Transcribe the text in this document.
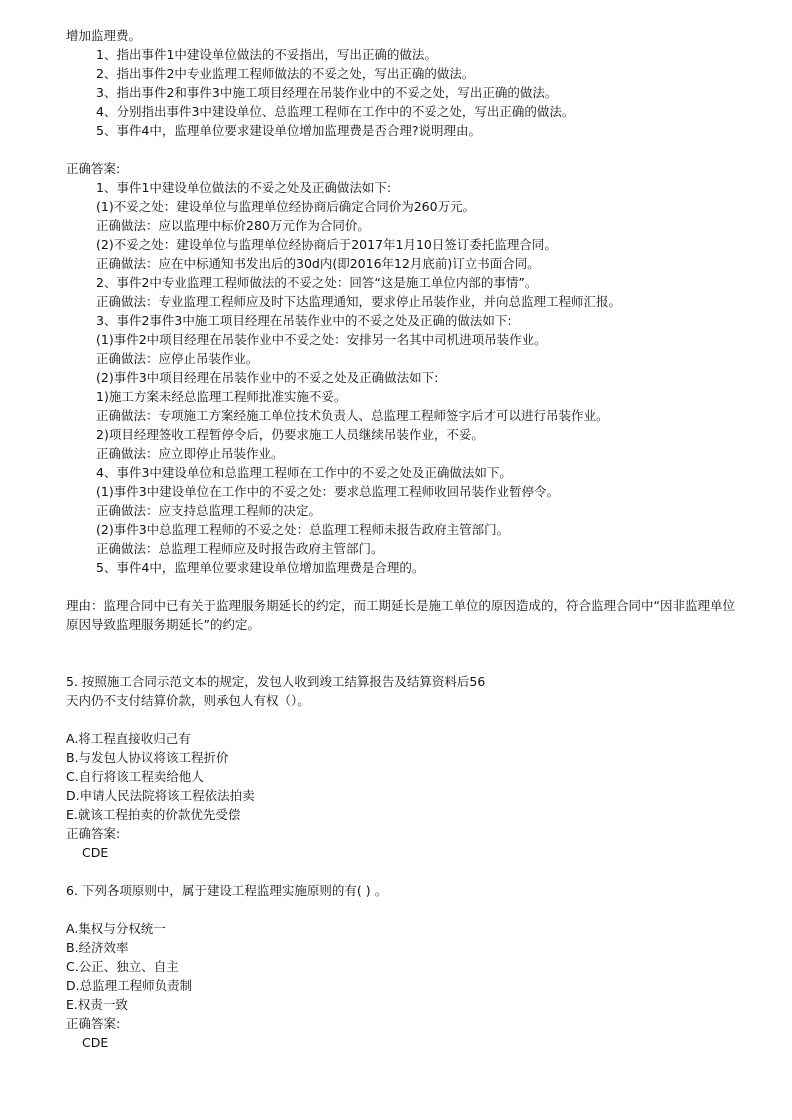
增加监理费。
1、指出事件1中建设单位做法的不妥指出，写出正确的做法。
2、指出事件2中专业监理工程师做法的不妥之处，写出正确的做法。
3、指出事件2和事件3中施工项目经理在吊装作业中的不妥之处，写出正确的做法。
4、分别指出事件3中建设单位、总监理工程师在工作中的不妥之处，写出正确的做法。
5、事件4中，监理单位要求建设单位增加监理费是否合理?说明理由。
正确答案:
1、事件1中建设单位做法的不妥之处及正确做法如下:
(1)不妥之处：建设单位与监理单位经协商后确定合同价为260万元。
正确做法：应以监理中标价280万元作为合同价。
(2)不妥之处：建设单位与监理单位经协商后于2017年1月10日签订委托监理合同。
正确做法：应在中标通知书发出后的30d内(即2016年12月底前)订立书面合同。
2、事件2中专业监理工程师做法的不妥之处：回答“这是施工单位内部的事情”。
正确做法：专业监理工程师应及时下达监理通知，要求停止吊装作业，并向总监理工程师汇报。
3、事件2事件3中施工项目经理在吊装作业中的不妥之处及正确的做法如下:
(1)事件2中项目经理在吊装作业中不妥之处：安排另一名其中司机进项吊装作业。
正确做法：应停止吊装作业。
(2)事件3中项目经理在吊装作业中的不妥之处及正确做法如下:
1)施工方案未经总监理工程师批准实施不妥。
正确做法：专项施工方案经施工单位技术负责人、总监理工程师签字后才可以进行吊装作业。
2)项目经理签收工程暂停令后，仍要求施工人员继续吊装作业，不妥。
正确做法：应立即停止吊装作业。
4、事件3中建设单位和总监理工程师在工作中的不妥之处及正确做法如下。
(1)事件3中建设单位在工作中的不妥之处：要求总监理工程师收回吊装作业暂停令。
正确做法：应支持总监理工程师的决定。
(2)事件3中总监理工程师的不妥之处：总监理工程师未报告政府主管部门。
正确做法：总监理工程师应及时报告政府主管部门。
5、事件4中，监理单位要求建设单位增加监理费是合理的。
理由：监理合同中已有关于监理服务期延长的约定，而工期延长是施工单位的原因造成的，符合监理合同中“因非监理单位原因导致监理服务期延长”的约定。
5. 按照施工合同示范文本的规定，发包人收到竣工结算报告及结算资料后56
天内仍不支付结算价款，则承包人有权（）。
A.将工程直接收归己有
B.与发包人协议将该工程折价
C.自行将该工程卖给他人
D.申请人民法院将该工程依法拍卖
E.就该工程拍卖的价款优先受偿
正确答案:
CDE
6. 下列各项原则中，属于建设工程监理实施原则的有( ) 。
A.集权与分权统一
B.经济效率
C.公正、独立、自主
D.总监理工程师负责制
E.权责一致
正确答案:
CDE
